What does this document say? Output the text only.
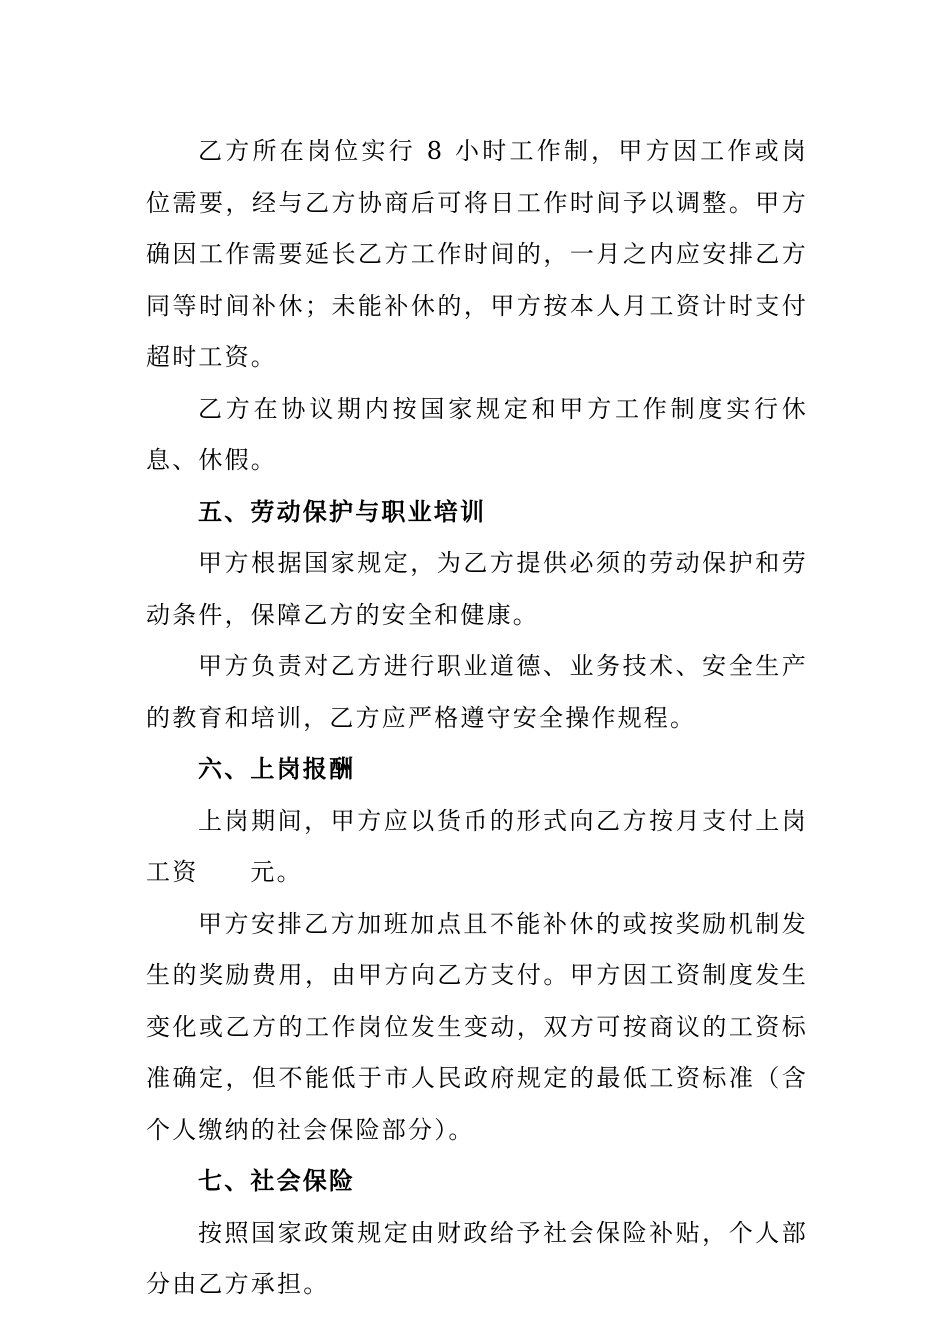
乙方所在岗位实行 8 小时工作制，甲方因工作或岗位需要，经与乙方协商后可将日工作时间予以调整。甲方确因工作需要延长乙方工作时间的，一月之内应安排乙方同等时间补休；未能补休的，甲方按本人月工资计时支付超时工资。

乙方在协议期内按国家规定和甲方工作制度实行休息、休假。

五、劳动保护与职业培训

甲方根据国家规定，为乙方提供必须的劳动保护和劳动条件，保障乙方的安全和健康。

甲方负责对乙方进行职业道德、业务技术、安全生产的教育和培训，乙方应严格遵守安全操作规程。

六、上岗报酬

上岗期间，甲方应以货币的形式向乙方按月支付上岗工资 元。

甲方安排乙方加班加点且不能补休的或按奖励机制发生的奖励费用，由甲方向乙方支付。甲方因工资制度发生变化或乙方的工作岗位发生变动，双方可按商议的工资标准确定，但不能低于市人民政府规定的最低工资标准（含个人缴纳的社会保险部分）。

七、社会保险

按照国家政策规定由财政给予社会保险补贴，个人部分由乙方承担。
